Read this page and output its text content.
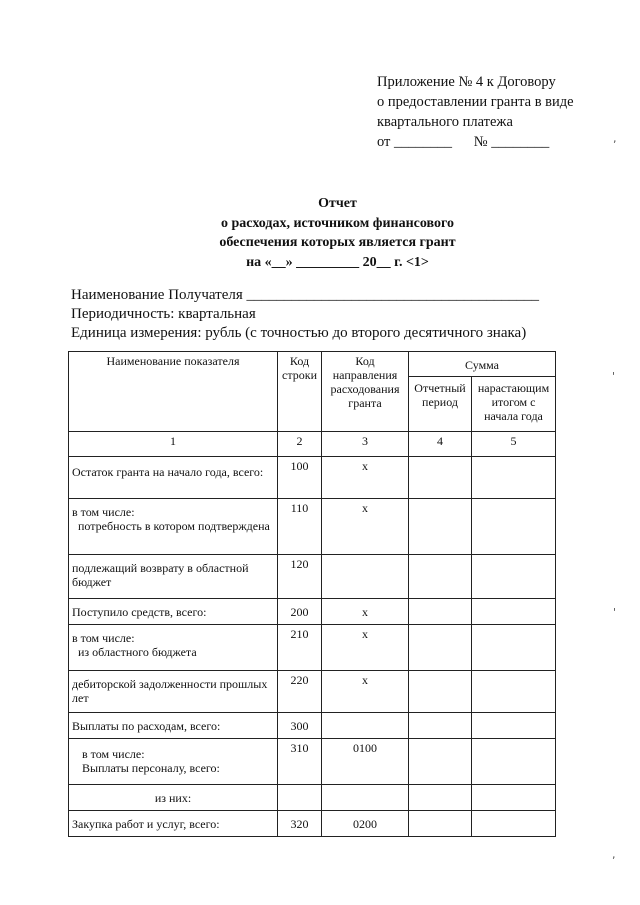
Приложение № 4 к Договору
о предоставлении гранта в виде
квартального платежа
от ________      № ________
Отчет
о расходах, источником финансового
обеспечения которых является грант
на «__» _________ 20__ г. <1>
Наименование Получателя _______________________________________
Периодичность: квартальная
Единица измерения: рубль (с точностью до второго десятичного знака)
Наименование показателя	Код строки	Код направления расходования гранта	Сумма	
			Отчетный период	нарастающим итогом с начала года
1	2	3	4	5
Остаток гранта на начало года, всего:	100	x		
в том числе:
потребность в котором подтверждена	110	x		
подлежащий возврату в областной бюджет	120			
Поступило средств, всего:	200	x		
в том числе:
из областного бюджета	210	x		
дебиторской задолженности прошлых лет	220	x		
Выплаты по расходам, всего:	300			
в том числе:
Выплаты персоналу, всего:	310	0100		
из них:				
Закупка работ и услуг, всего:	320	0200		
,
'
'
,
